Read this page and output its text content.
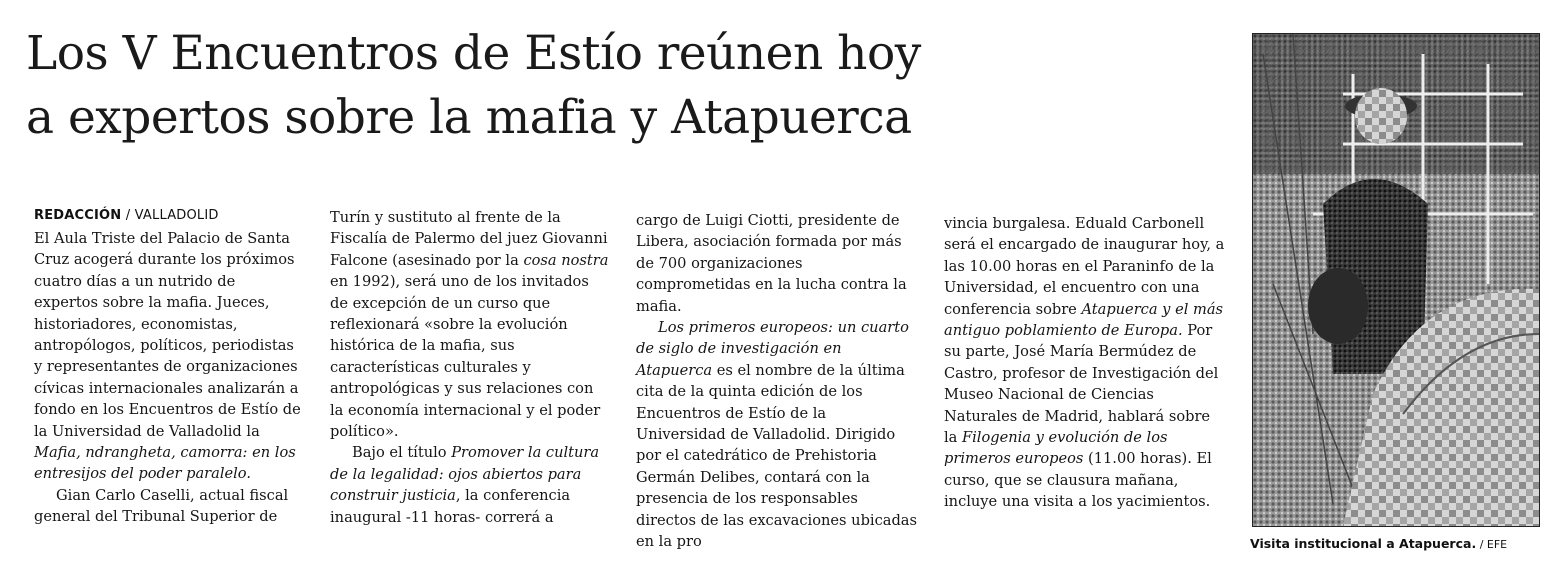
Los V Encuentros de Estío reúnen hoy
a expertos sobre la mafia y Atapuerca
REDACCIÓN / VALLADOLID

El Aula Triste del Palacio de Santa Cruz acogerá durante los próximos cuatro días a un nutrido de expertos sobre la mafia. Jueces, historiadores, economistas, antropólogos, políticos, periodistas y representantes de organizaciones cívicas internacionales analizarán a fondo en los Encuentros de Estío de la Universidad de Valladolid la Mafia, ndrangheta, camorra: en los entresijos del poder paralelo.

Gian Carlo Caselli, actual fiscal general del Tribunal Superior de

Turín y sustituto al frente de la Fiscalía de Palermo del juez Giovanni Falcone (asesinado por la cosa nostra en 1992), será uno de los invitados de excepción de un curso que reflexionará «sobre la evolución histórica de la mafia, sus características culturales y antropológicas y sus relaciones con la economía internacional y el poder político».

Bajo el título Promover la cultura de la legalidad: ojos abiertos para construir justicia, la conferencia inaugural -11 horas- correrá a

cargo de Luigi Ciotti, presidente de Libera, asociación formada por más de 700 organizaciones comprometidas en la lucha contra la mafia.

Los primeros europeos: un cuarto de siglo de investigación en Atapuerca es el nombre de la última cita de la quinta edición de los Encuentros de Estío de la Universidad de Valladolid. Dirigido por el catedrático de Prehistoria Germán Delibes, contará con la presencia de los responsables directos de las excavaciones ubicadas en la pro

vincia burgalesa. Eduald Carbonell será el encargado de inaugurar hoy, a las 10.00 horas en el Paraninfo de la Universidad, el encuentro con una conferencia sobre Atapuerca y el más antiguo poblamiento de Europa. Por su parte, José María Bermúdez de Castro, profesor de Investigación del Museo Nacional de Ciencias Naturales de Madrid, hablará sobre la Filogenia y evolución de los primeros europeos (11.00 horas). El curso, que se clausura mañana, incluye una visita a los yacimientos.

Visita institucional a Atapuerca. / EFE
